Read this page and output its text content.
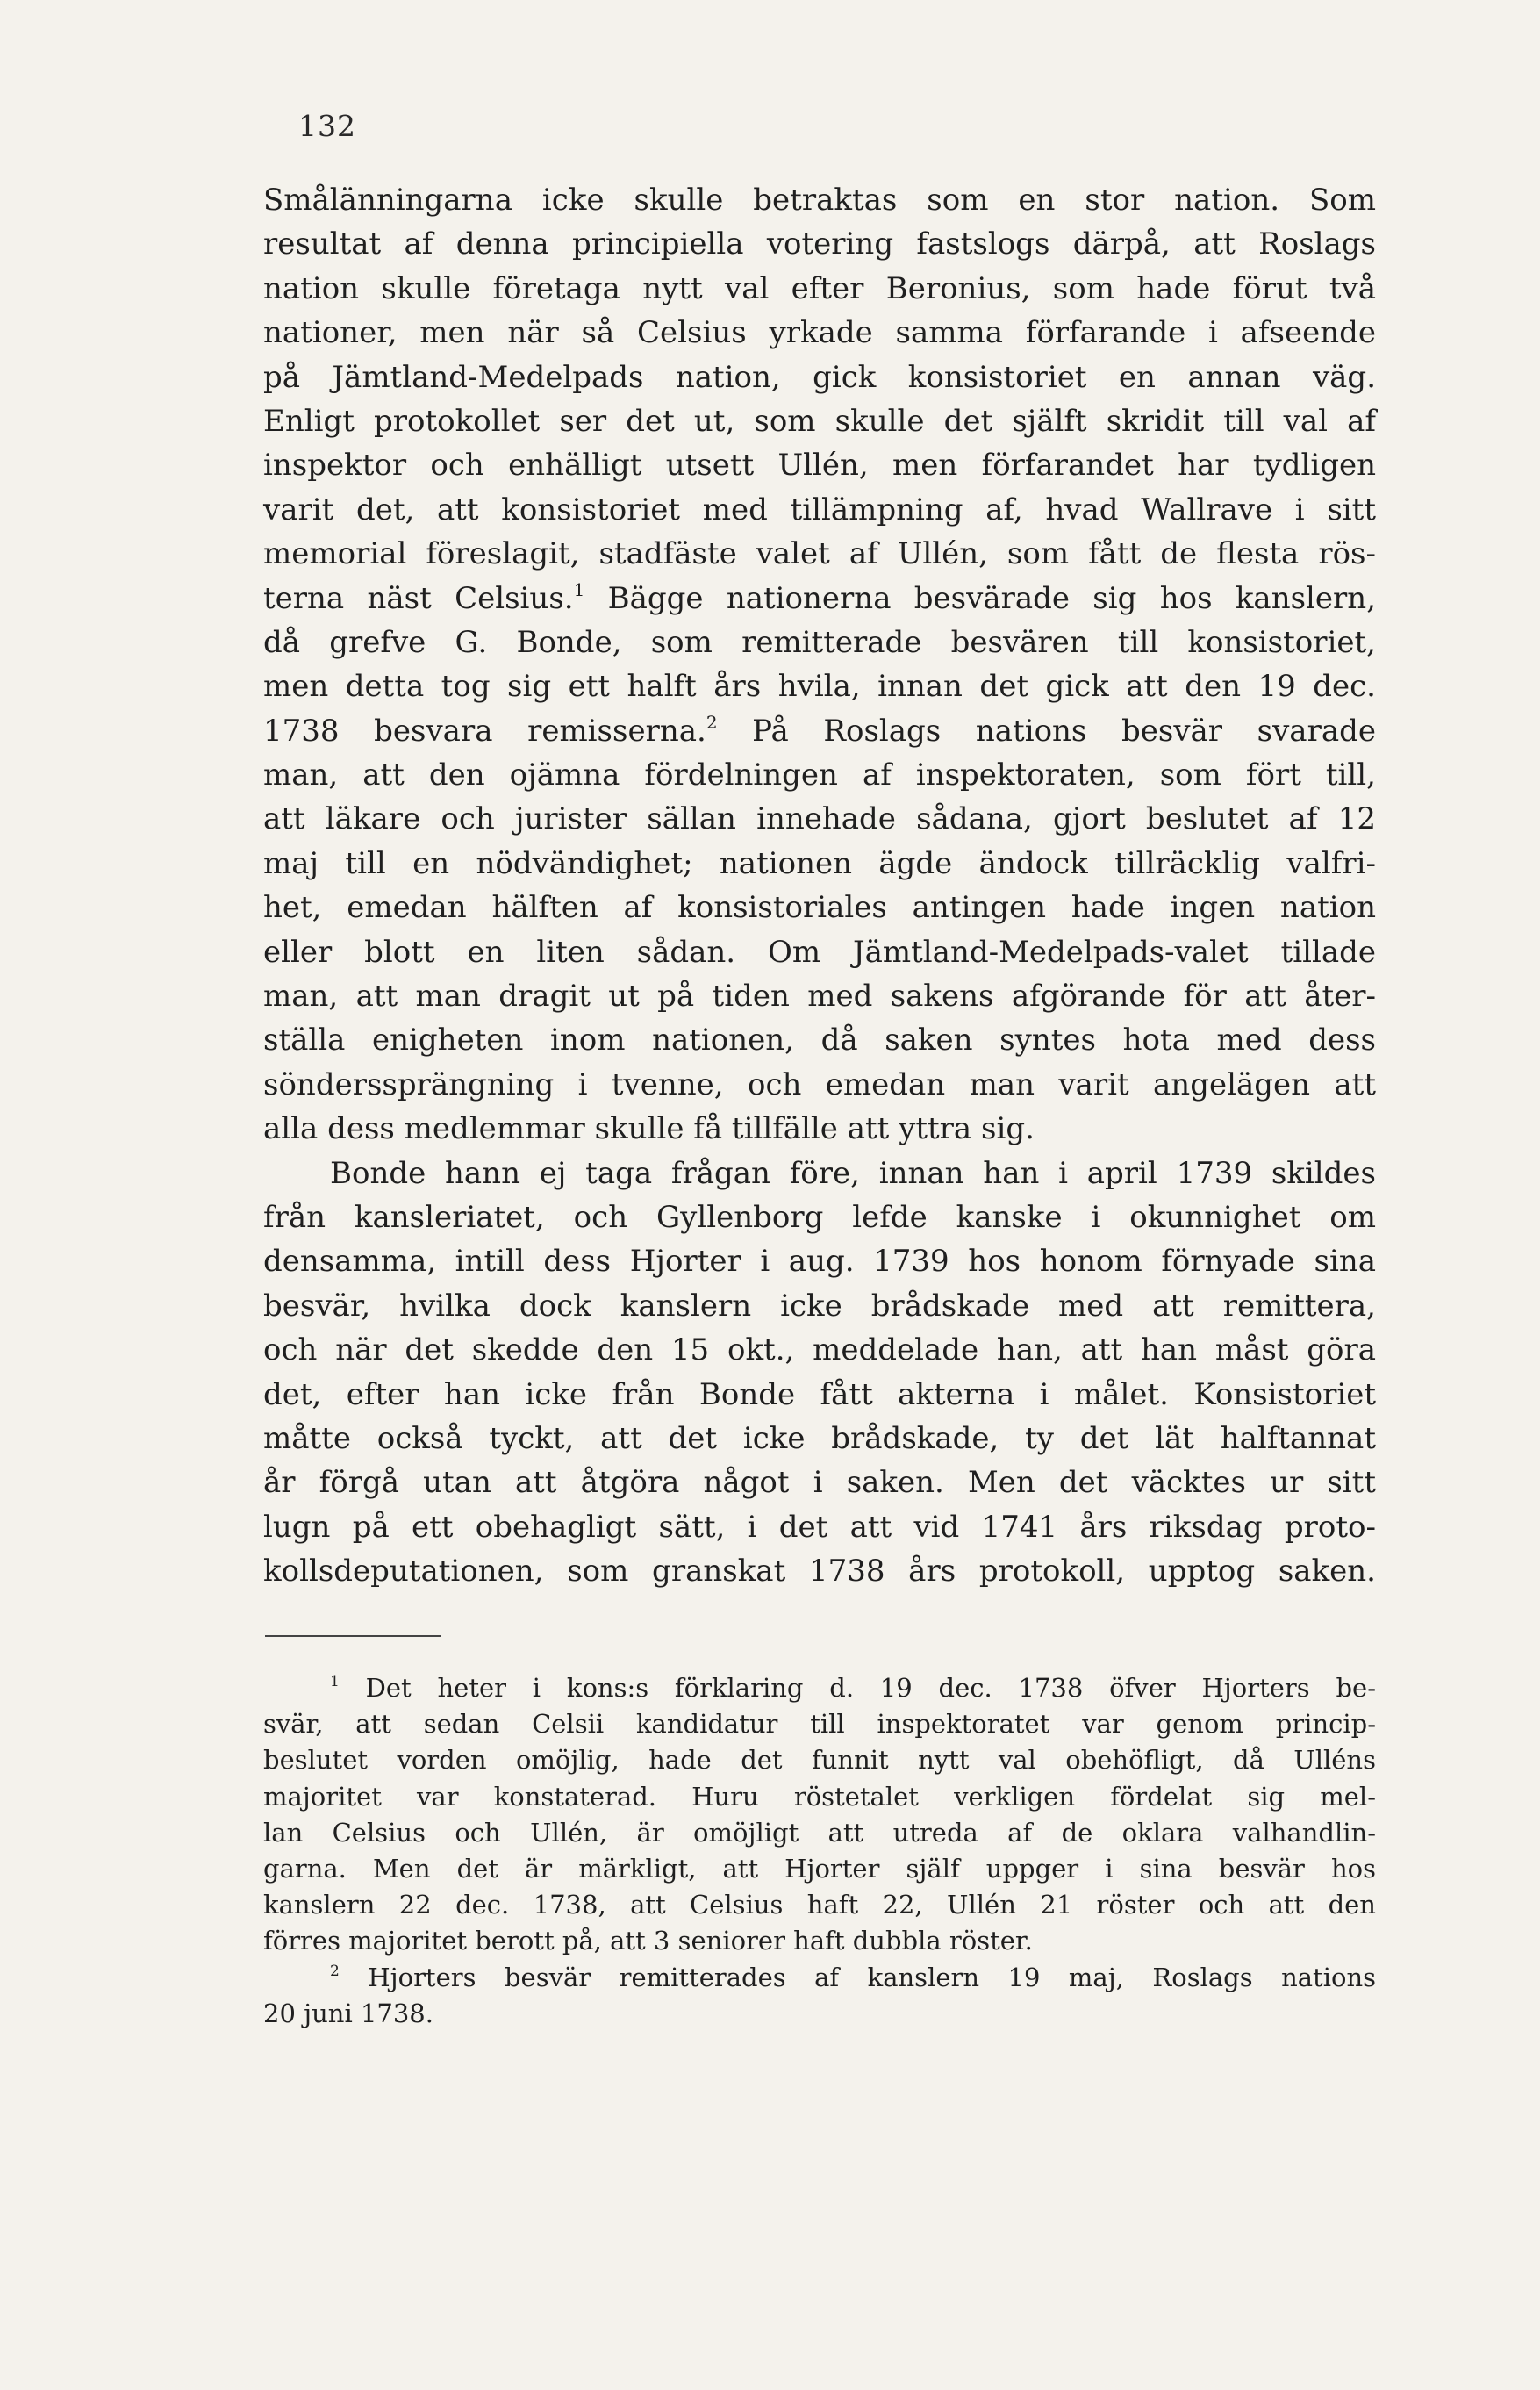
132
Smålänningarna icke skulle betraktas som en stor nation. Som
resultat af denna principiella votering fastslogs därpå, att Roslags
nation skulle företaga nytt val efter Beronius, som hade förut två
nationer, men när så Celsius yrkade samma förfarande i afseende
på Jämtland-Medelpads nation, gick konsistoriet en annan väg.
Enligt protokollet ser det ut, som skulle det själft skridit till val af
inspektor och enhälligt utsett Ullén, men förfarandet har tydligen
varit det, att konsistoriet med tillämpning af, hvad Wallrave i sitt
memorial föreslagit, stadfäste valet af Ullén, som fått de flesta rös-
terna näst Celsius.$^1$ Bägge nationerna besvärade sig hos kanslern,
då grefve G. Bonde, som remitterade besvären till konsistoriet,
men detta tog sig ett halft års hvila, innan det gick att den 19 dec.
1738 besvara remisserna.$^2$ På Roslags nations besvär svarade
man, att den ojämna fördelningen af inspektoraten, som fört till,
att läkare och jurister sällan innehade sådana, gjort beslutet af 12
maj till en nödvändighet; nationen ägde ändock tillräcklig valfri-
het, emedan hälften af konsistoriales antingen hade ingen nation
eller blott en liten sådan. Om Jämtland-Medelpads-valet tillade
man, att man dragit ut på tiden med sakens afgörande för att åter-
ställa enigheten inom nationen, då saken syntes hota med dess
sönderssprängning i tvenne, och emedan man varit angelägen att
alla dess medlemmar skulle få tillfälle att yttra sig.
Bonde hann ej taga frågan före, innan han i april 1739 skildes
från kansleriatet, och Gyllenborg lefde kanske i okunnighet om
densamma, intill dess Hjorter i aug. 1739 hos honom förnyade sina
besvär, hvilka dock kanslern icke brådskade med att remittera,
och när det skedde den 15 okt., meddelade han, att han måst göra
det, efter han icke från Bonde fått akterna i målet. Konsistoriet
måtte också tyckt, att det icke brådskade, ty det lät halftannat
år förgå utan att åtgöra något i saken. Men det väcktes ur sitt
lugn på ett obehagligt sätt, i det att vid 1741 års riksdag proto-
kollsdeputationen, som granskat 1738 års protokoll, upptog saken.
$^1$ Det heter i kons:s förklaring d. 19 dec. 1738 öfver Hjorters be-
svär, att sedan Celsii kandidatur till inspektoratet var genom princip-
beslutet vorden omöjlig, hade det funnit nytt val obehöfligt, då Ulléns
majoritet var konstaterad. Huru röstetalet verkligen fördelat sig mel-
lan Celsius och Ullén, är omöjligt att utreda af de oklara valhandlin-
garna. Men det är märkligt, att Hjorter själf uppger i sina besvär hos
kanslern 22 dec. 1738, att Celsius haft 22, Ullén 21 röster och att den
förres majoritet berott på, att 3 seniorer haft dubbla röster.
$^2$ Hjorters besvär remitterades af kanslern 19 maj, Roslags nations
20 juni 1738.
